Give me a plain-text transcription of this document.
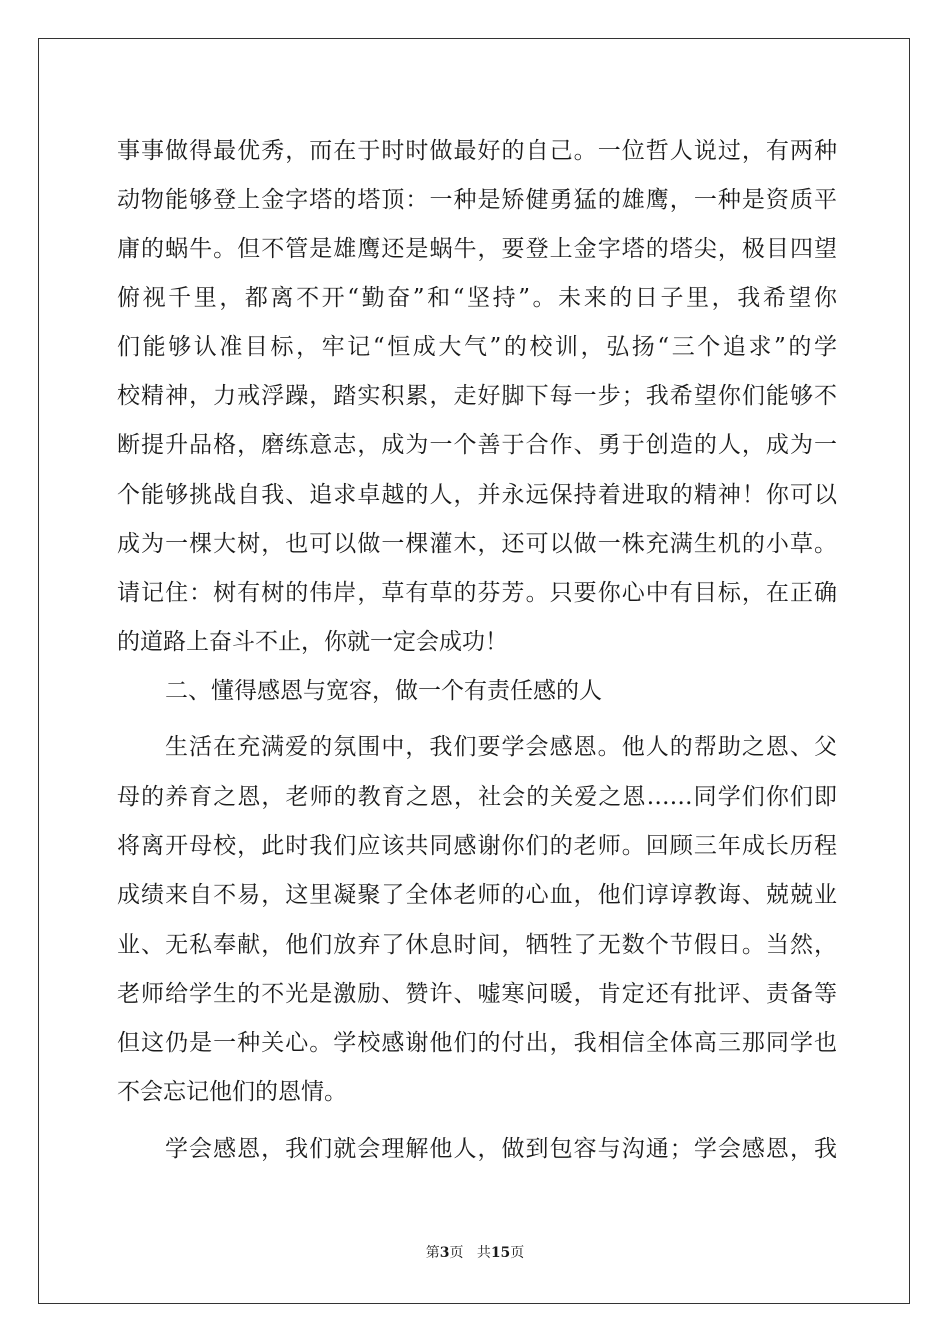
事事做得最优秀，而在于时时做最好的自己。一位哲人说过，有两种
动物能够登上金字塔的塔顶：一种是矫健勇猛的雄鹰，一种是资质平
庸的蜗牛。但不管是雄鹰还是蜗牛，要登上金字塔的塔尖，极目四望
俯视千里，都离不开“勤奋”和“坚持”。未来的日子里，我希望你
们能够认准目标，牢记“恒成大气”的校训，弘扬“三个追求”的学
校精神，力戒浮躁，踏实积累，走好脚下每一步；我希望你们能够不
断提升品格，磨练意志，成为一个善于合作、勇于创造的人，成为一
个能够挑战自我、追求卓越的人，并永远保持着进取的精神！你可以
成为一棵大树，也可以做一棵灌木，还可以做一株充满生机的小草。
请记住：树有树的伟岸，草有草的芬芳。只要你心中有目标，在正确
的道路上奋斗不止，你就一定会成功！
二、懂得感恩与宽容，做一个有责任感的人
生活在充满爱的氛围中，我们要学会感恩。他人的帮助之恩、父
母的养育之恩，老师的教育之恩，社会的关爱之恩……同学们你们即
将离开母校，此时我们应该共同感谢你们的老师。回顾三年成长历程
成绩来自不易，这里凝聚了全体老师的心血，他们谆谆教诲、兢兢业
业、无私奉献，他们放弃了休息时间，牺牲了无数个节假日。当然，
老师给学生的不光是激励、赞许、嘘寒问暖，肯定还有批评、责备等
但这仍是一种关心。学校感谢他们的付出，我相信全体高三那同学也
不会忘记他们的恩情。
学会感恩，我们就会理解他人，做到包容与沟通；学会感恩，我
第3页 共15页
